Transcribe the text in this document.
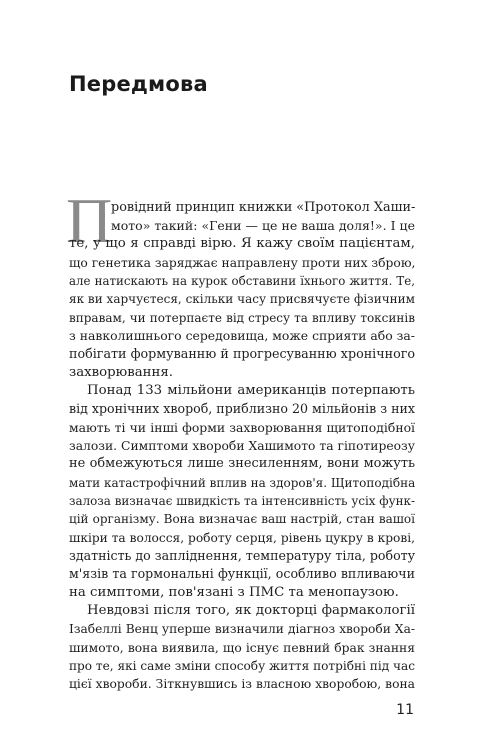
Передмова
П
ровідний принцип книжки «Протокол Хаши-
мото» такий: «Гени — це не ваша доля!». І це
те, у що я справді вірю. Я кажу своїм пацієнтам,
що генетика заряджає направлену проти них зброю,
але натискають на курок обставини їхнього життя. Те,
як ви харчуєтеся, скільки часу присвячуєте фізичним
вправам, чи потерпаєте від стресу та впливу токсинів
з навколишнього середовища, може сприяти або за-
побігати формуванню й прогресуванню хронічного
захворювання.
Понад 133 мільйони американців потерпають
від хронічних хвороб, приблизно 20 мільйонів з них
мають ті чи інші форми захворювання щитоподібної
залози. Симптоми хвороби Хашимото та гіпотиреозу
не обмежуються лише знесиленням, вони можуть
мати катастрофічний вплив на здоров'я. Щитоподібна
залоза визначає швидкість та інтенсивність усіх функ-
цій організму. Вона визначає ваш настрій, стан вашої
шкіри та волосся, роботу серця, рівень цукру в крові,
здатність до запліднення, температуру тіла, роботу
м'язів та гормональні функції, особливо впливаючи
на симптоми, пов'язані з ПМС та менопаузою.
Невдовзі після того, як докторці фармакології
Ізабеллі Венц уперше визначили діагноз хвороби Ха-
шимото, вона виявила, що існує певний брак знання
про те, які саме зміни способу життя потрібні під час
цієї хвороби. Зіткнувшись із власною хворобою, вона
11
